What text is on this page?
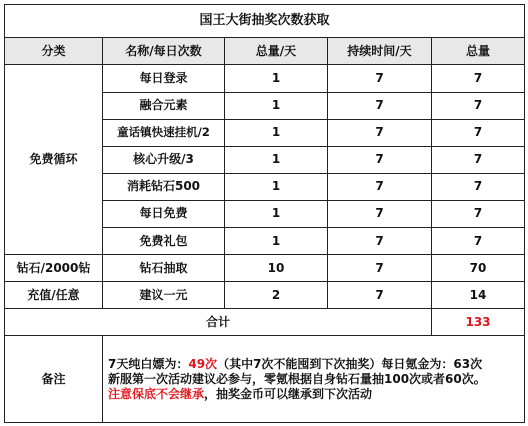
国王大街抽奖次数获取				
分类	名称/每日次数	总量/天	持续时间/天	总量
免费循环	每日登录	1	7	7
	融合元素	1	7	7
	童话镇快速挂机/2	1	7	7
	核心升级/3	1	7	7
	消耗钻石500	1	7	7
	每日免费	1	7	7
	免费礼包	1	7	7
钻石/2000钻	钻石抽取	10	7	70
充值/任意	建议一元	2	7	14
合计				133
备注	7天纯白嫖为：49次（其中7次不能囤到下次抽奖）每日氪金为：63次
新服第一次活动建议必参与，零氪根据自身钻石量抽100次或者60次。
注意保底不会继承，抽奖金币可以继承到下次活动			
